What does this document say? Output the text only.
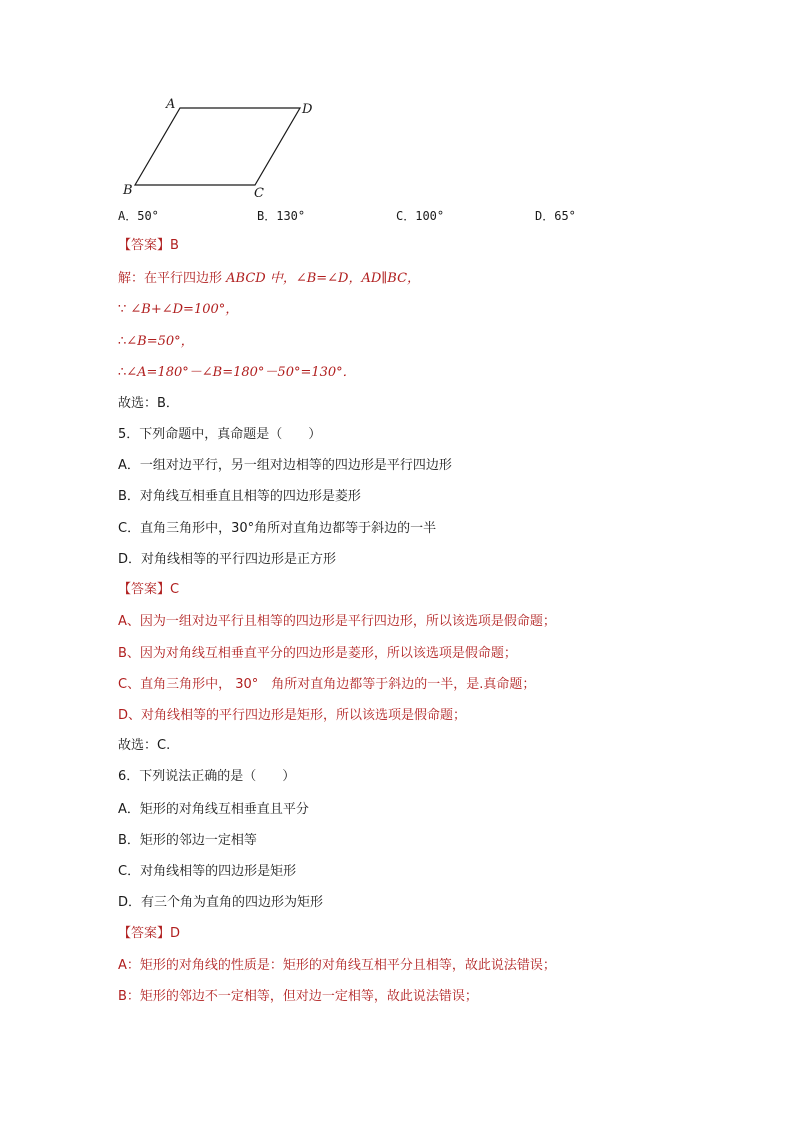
A	D
B	C
A．50°	B．130°	C．100°	D．65°
【答案】B
解：在平行四边形 ABCD 中，∠B=∠D，AD∥BC，
∵ ∠B+∠D=100°，
∴∠B=50°，
∴∠A=180°－∠B=180°－50°=130°．
故选：B．
5．下列命题中，真命题是（　　）
A．一组对边平行，另一组对边相等的四边形是平行四边形
B．对角线互相垂直且相等的四边形是菱形
C．直角三角形中，30°角所对直角边都等于斜边的一半
D．对角线相等的平行四边形是正方形
【答案】C
A、因为一组对边平行且相等的四边形是平行四边形，所以该选项是假命题；
B、因为对角线互相垂直平分的四边形是菱形，所以该选项是假命题；
C、直角三角形中， 30°　角所对直角边都等于斜边的一半，是.真命题；
D、对角线相等的平行四边形是矩形，所以该选项是假命题；
故选：C.
6．下列说法正确的是（　　）
A．矩形的对角线互相垂直且平分
B．矩形的邻边一定相等
C．对角线相等的四边形是矩形
D．有三个角为直角的四边形为矩形
【答案】D
A：矩形的对角线的性质是：矩形的对角线互相平分且相等，故此说法错误；
B：矩形的邻边不一定相等，但对边一定相等，故此说法错误；
